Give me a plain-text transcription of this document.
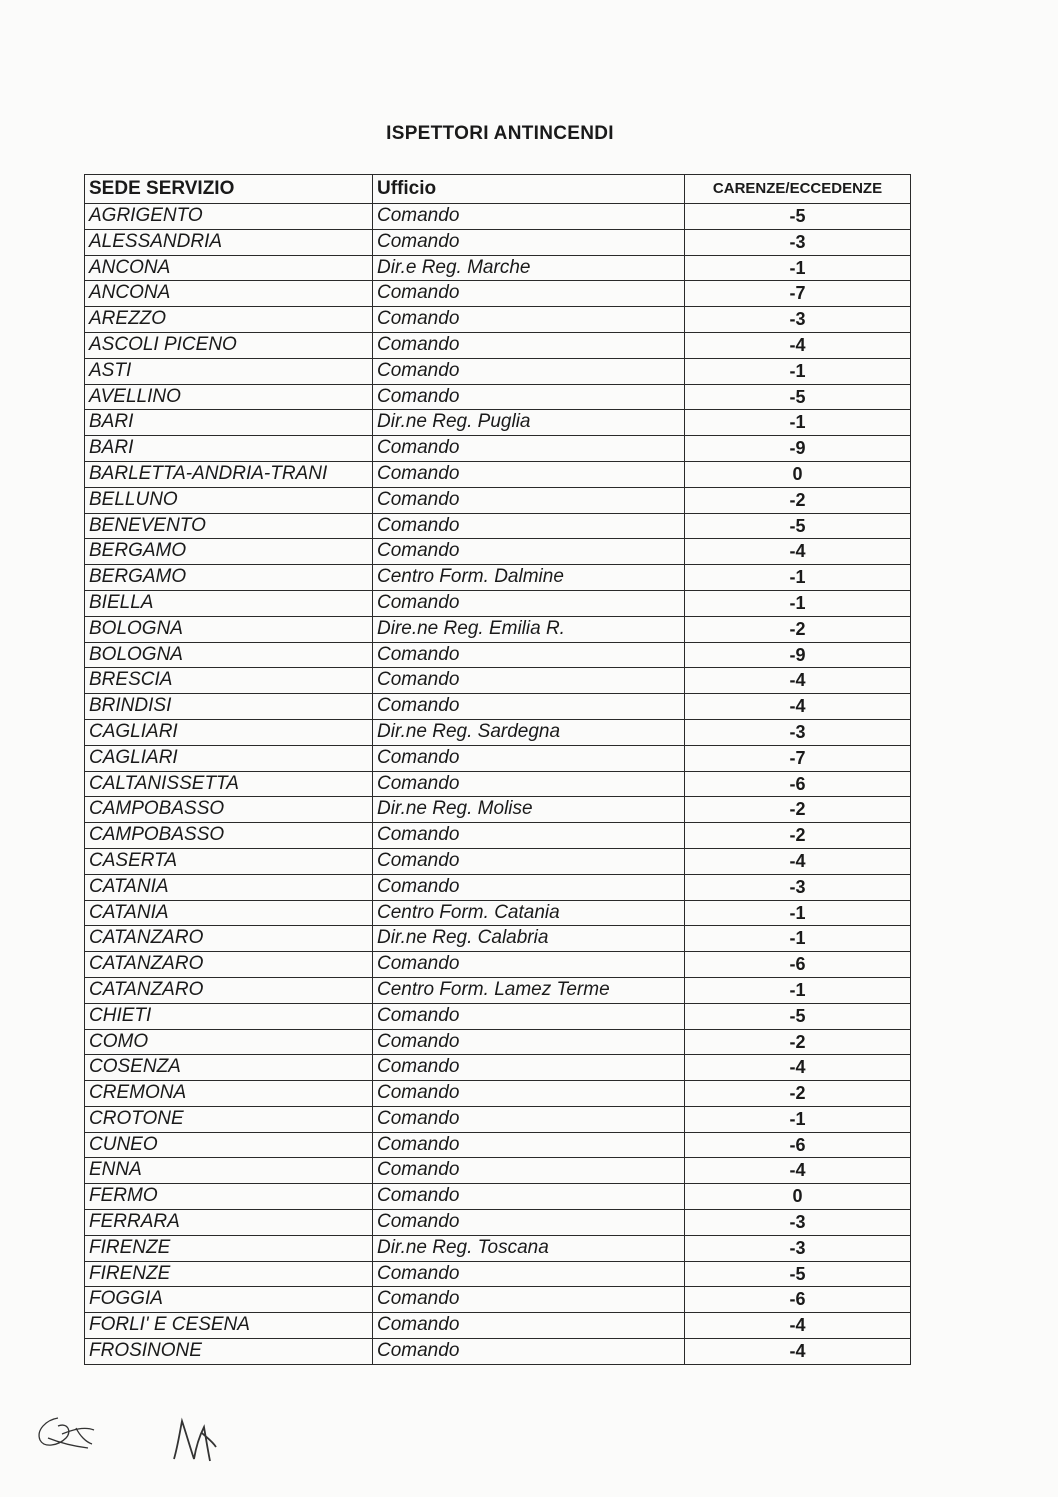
ISPETTORI ANTINCENDI
SEDE SERVIZIO	Ufficio	CARENZE/ECCEDENZE
AGRIGENTO	Comando	-5
ALESSANDRIA	Comando	-3
ANCONA	Dir.e Reg. Marche	-1
ANCONA	Comando	-7
AREZZO	Comando	-3
ASCOLI PICENO	Comando	-4
ASTI	Comando	-1
AVELLINO	Comando	-5
BARI	Dir.ne Reg. Puglia	-1
BARI	Comando	-9
BARLETTA-ANDRIA-TRANI	Comando	0
BELLUNO	Comando	-2
BENEVENTO	Comando	-5
BERGAMO	Comando	-4
BERGAMO	Centro Form. Dalmine	-1
BIELLA	Comando	-1
BOLOGNA	Dire.ne Reg. Emilia R.	-2
BOLOGNA	Comando	-9
BRESCIA	Comando	-4
BRINDISI	Comando	-4
CAGLIARI	Dir.ne Reg. Sardegna	-3
CAGLIARI	Comando	-7
CALTANISSETTA	Comando	-6
CAMPOBASSO	Dir.ne Reg. Molise	-2
CAMPOBASSO	Comando	-2
CASERTA	Comando	-4
CATANIA	Comando	-3
CATANIA	Centro Form. Catania	-1
CATANZARO	Dir.ne Reg. Calabria	-1
CATANZARO	Comando	-6
CATANZARO	Centro Form. Lamez Terme	-1
CHIETI	Comando	-5
COMO	Comando	-2
COSENZA	Comando	-4
CREMONA	Comando	-2
CROTONE	Comando	-1
CUNEO	Comando	-6
ENNA	Comando	-4
FERMO	Comando	0
FERRARA	Comando	-3
FIRENZE	Dir.ne Reg. Toscana	-3
FIRENZE	Comando	-5
FOGGIA	Comando	-6
FORLI' E CESENA	Comando	-4
FROSINONE	Comando	-4
